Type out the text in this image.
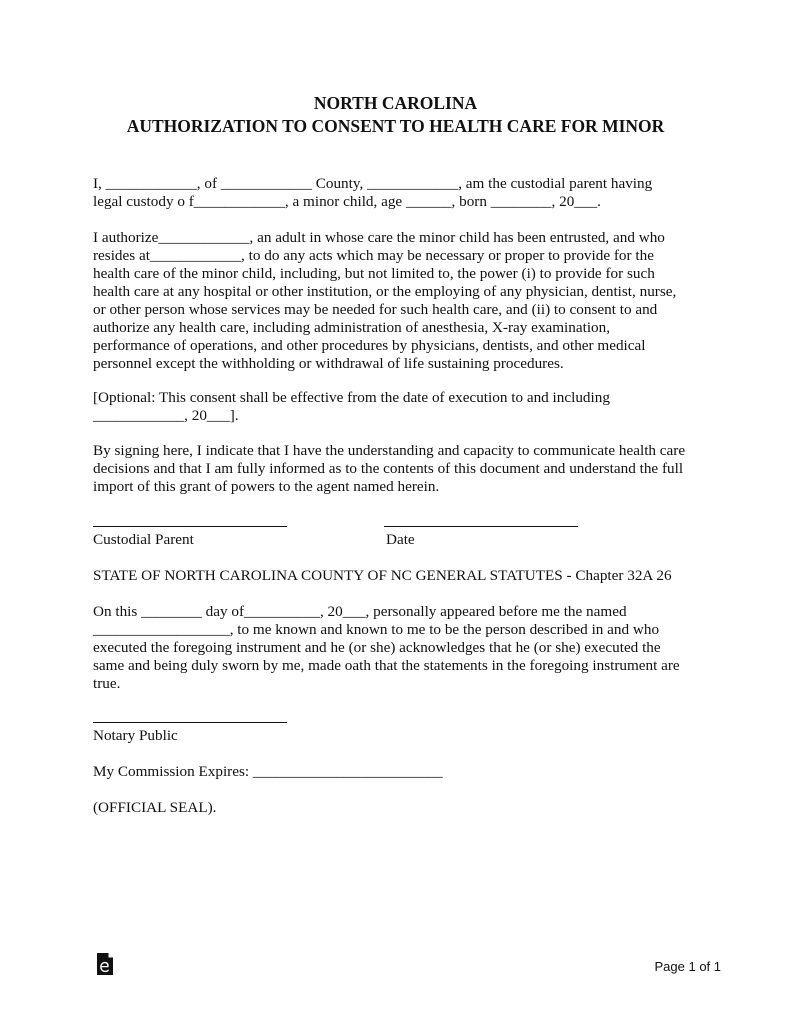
NORTH CAROLINA
AUTHORIZATION TO CONSENT TO HEALTH CARE FOR MINOR

I, ____________, of ____________ County, ____________, am the custodial parent having
legal custody o f____________, a minor child, age ______, born ________, 20___.

I authorize____________, an adult in whose care the minor child has been entrusted, and who
resides at____________, to do any acts which may be necessary or proper to provide for the
health care of the minor child, including, but not limited to, the power (i) to provide for such
health care at any hospital or other institution, or the employing of any physician, dentist, nurse,
or other person whose services may be needed for such health care, and (ii) to consent to and
authorize any health care, including administration of anesthesia, X-ray examination,
performance of operations, and other procedures by physicians, dentists, and other medical
personnel except the withholding or withdrawal of life sustaining procedures.

[Optional: This consent shall be effective from the date of execution to and including
____________, 20___].

By signing here, I indicate that I have the understanding and capacity to communicate health care
decisions and that I am fully informed as to the contents of this document and understand the full
import of this grant of powers to the agent named herein.

Custodial Parent	Date
STATE OF NORTH CAROLINA COUNTY OF NC GENERAL STATUTES - Chapter 32A 26

On this ________ day of__________, 20___, personally appeared before me the named
__________________, to me known and known to me to be the person described in and who
executed the foregoing instrument and he (or she) acknowledges that he (or she) executed the
same and being duly sworn by me, made oath that the statements in the foregoing instrument are
true.

Notary Public
My Commission Expires: _________________________
(OFFICIAL SEAL).
Page 1 of 1
